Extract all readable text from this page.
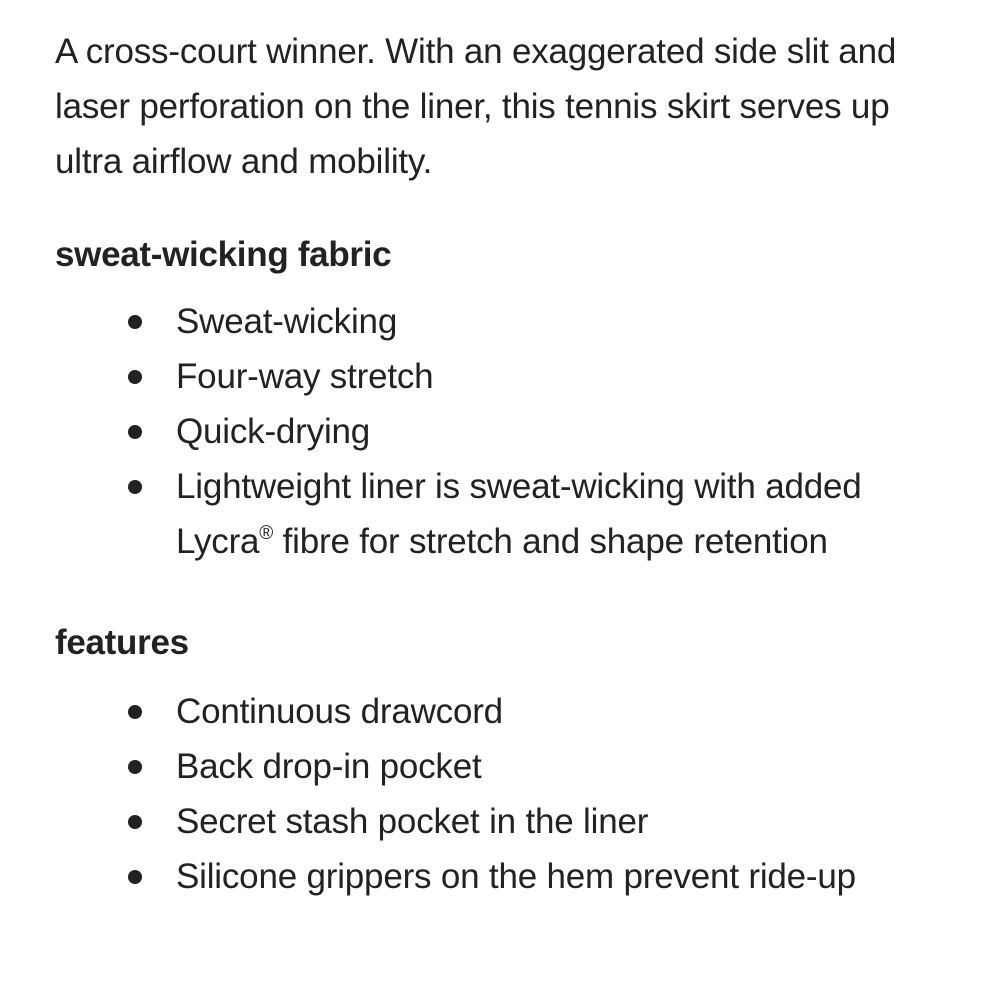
A cross-court winner. With an exaggerated side slit and laser perforation on the liner, this tennis skirt serves up ultra airflow and mobility.

sweat-wicking fabric
Sweat-wicking
Four-way stretch
Quick-drying
Lightweight liner is sweat-wicking with added Lycra® fibre for stretch and shape retention
features
Continuous drawcord
Back drop-in pocket
Secret stash pocket in the liner
Silicone grippers on the hem prevent ride-up
